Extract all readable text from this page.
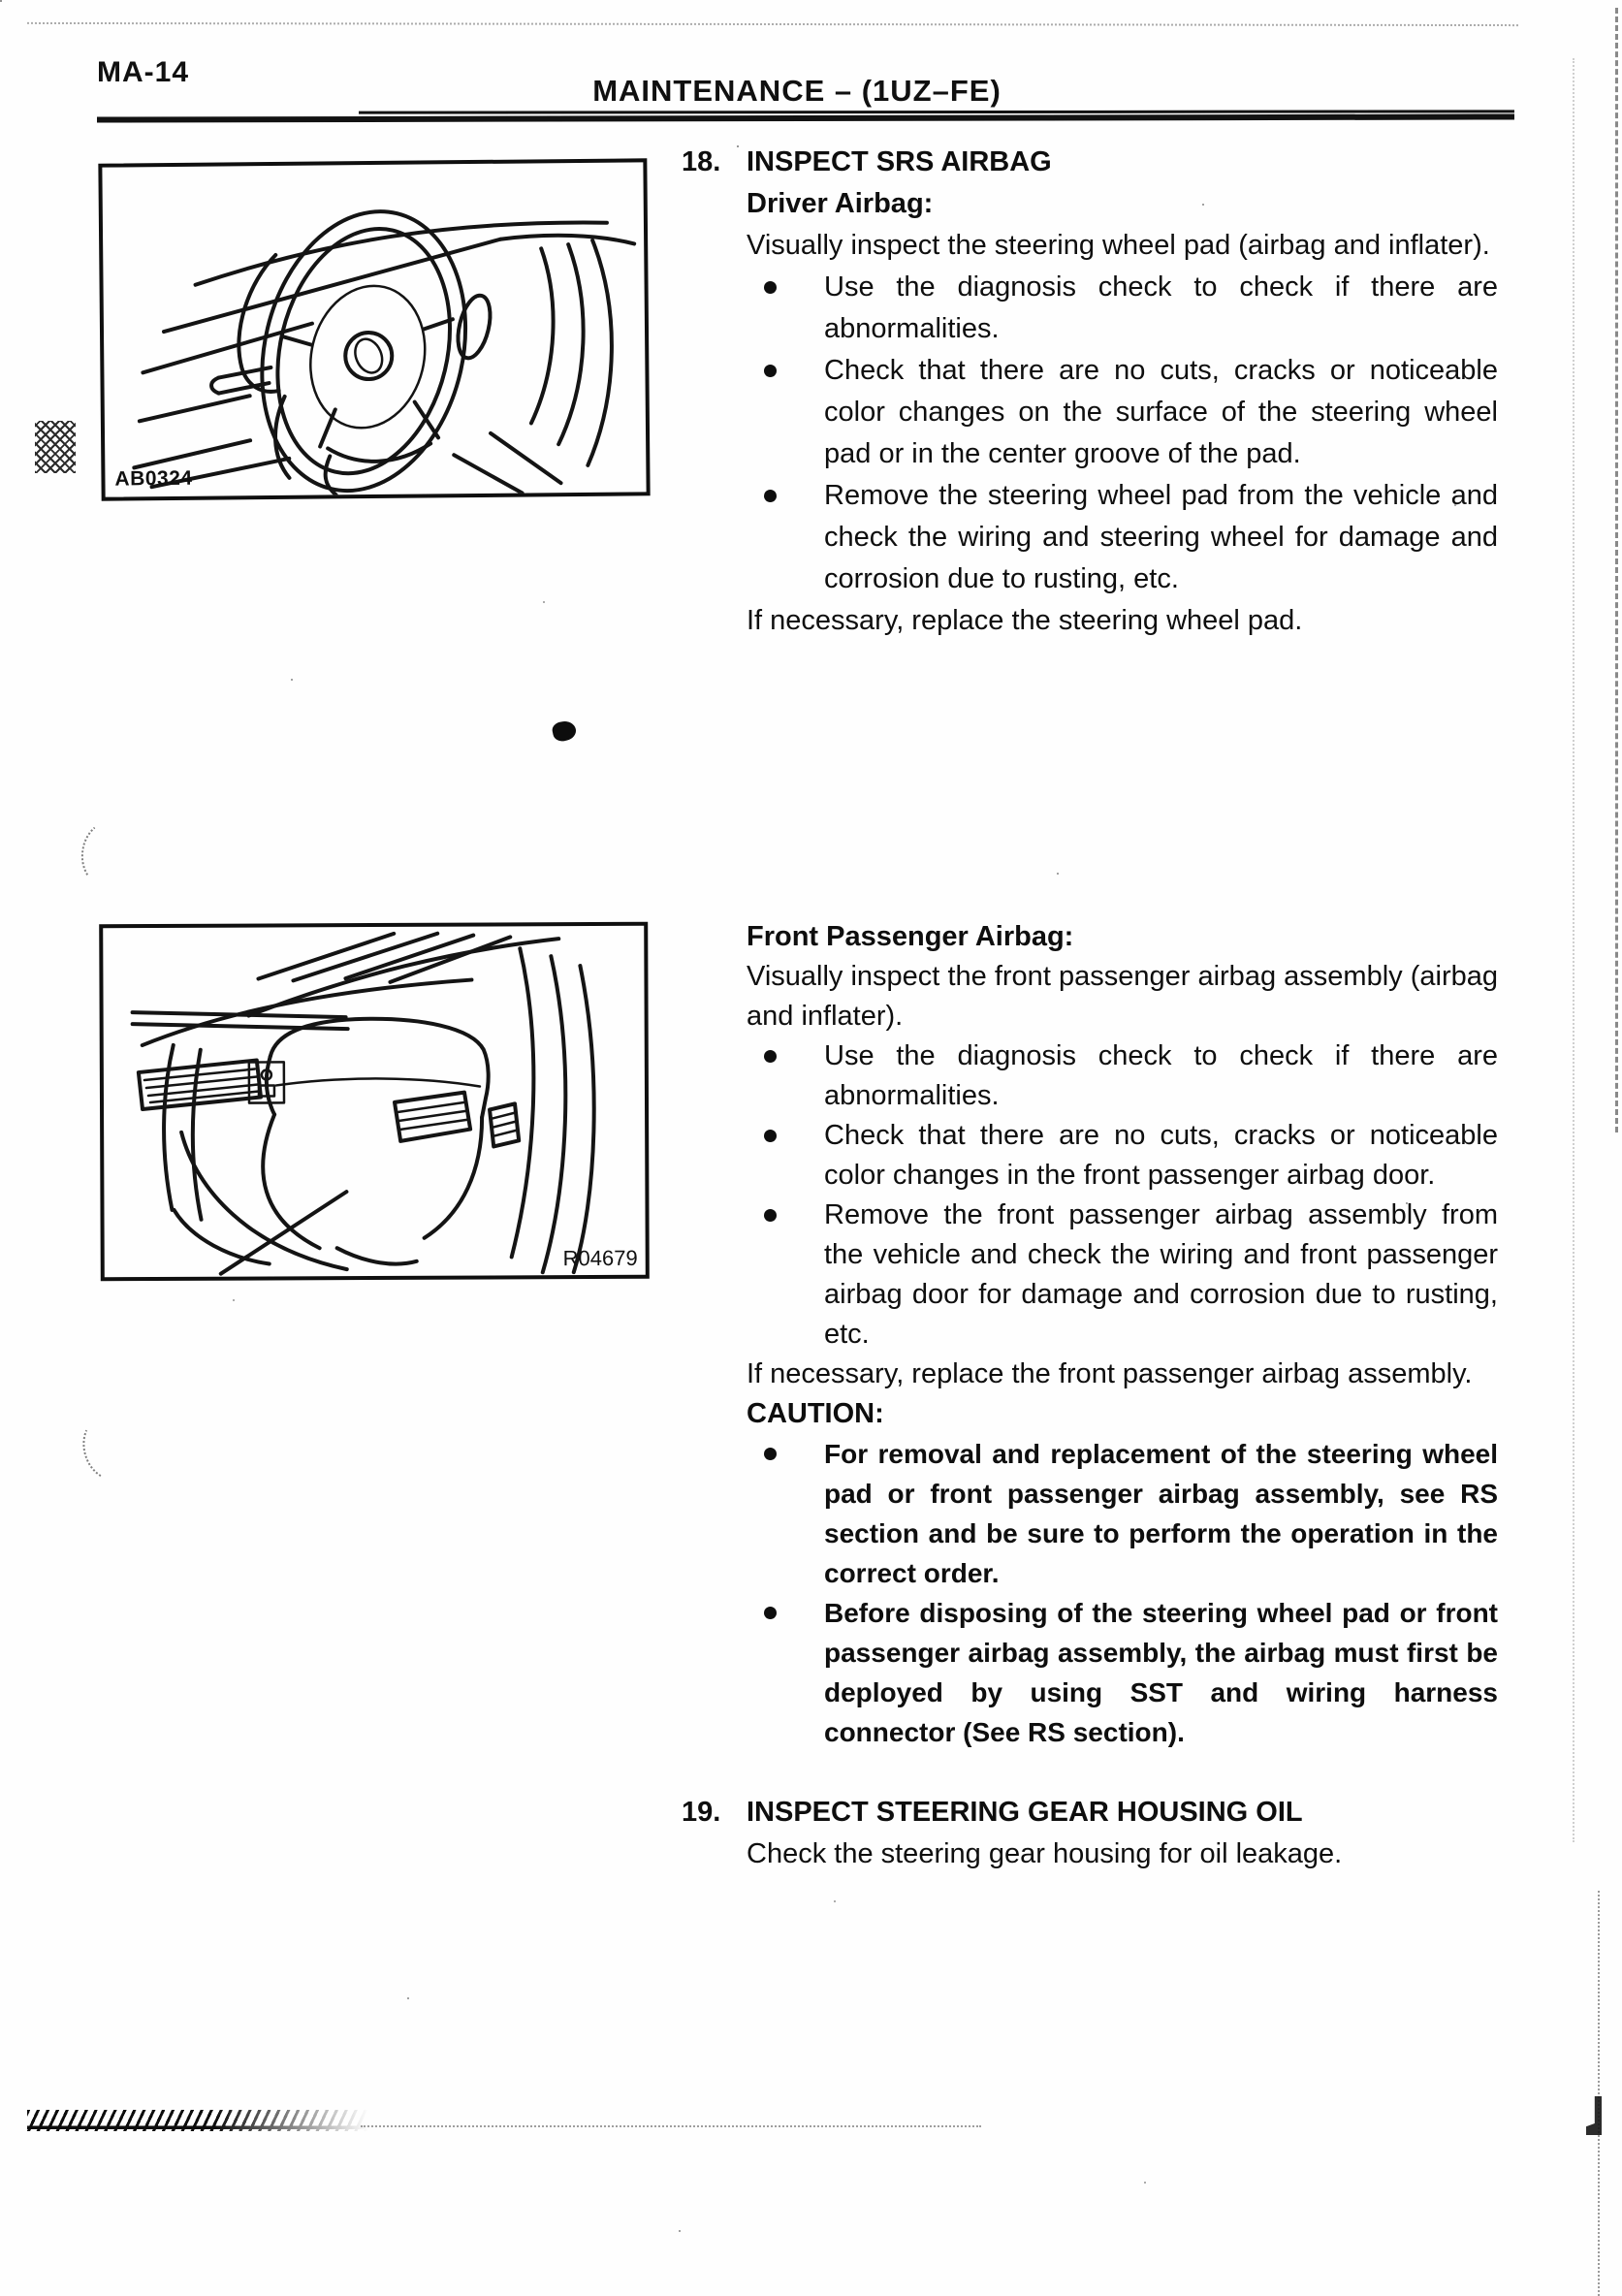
MA-14
MAINTENANCE – (1UZ–FE)
AB0324
R04679
18. INSPECT SRS AIRBAG

Driver Airbag:

Visually inspect the steering wheel pad (airbag and inflater).

Use the diagnosis check to check if there are abnormalities.

Check that there are no cuts, cracks or noticeable color changes on the surface of the steering wheel pad or in the center groove of the pad.

Remove the steering wheel pad from the vehicle and check the wiring and steering wheel for damage and corrosion due to rusting, etc.

If necessary, replace the steering wheel pad.

Front Passenger Airbag:

Visually inspect the front passenger airbag assembly (airbag and inflater).

Use the diagnosis check to check if there are abnormalities.

Check that there are no cuts, cracks or noticeable color changes in the front passenger airbag door.

Remove the front passenger airbag assembly from the vehicle and check the wiring and front passenger airbag door for damage and corrosion due to rusting, etc.

If necessary, replace the front passenger airbag assembly.

CAUTION:

For removal and replacement of the steering wheel pad or front passenger airbag assembly, see RS section and be sure to perform the operation in the correct order.

Before disposing of the steering wheel pad or front passenger airbag assembly, the airbag must first be deployed by using SST and wiring harness connector (See RS section).

19. INSPECT STEERING GEAR HOUSING OIL

Check the steering gear housing for oil leakage.
